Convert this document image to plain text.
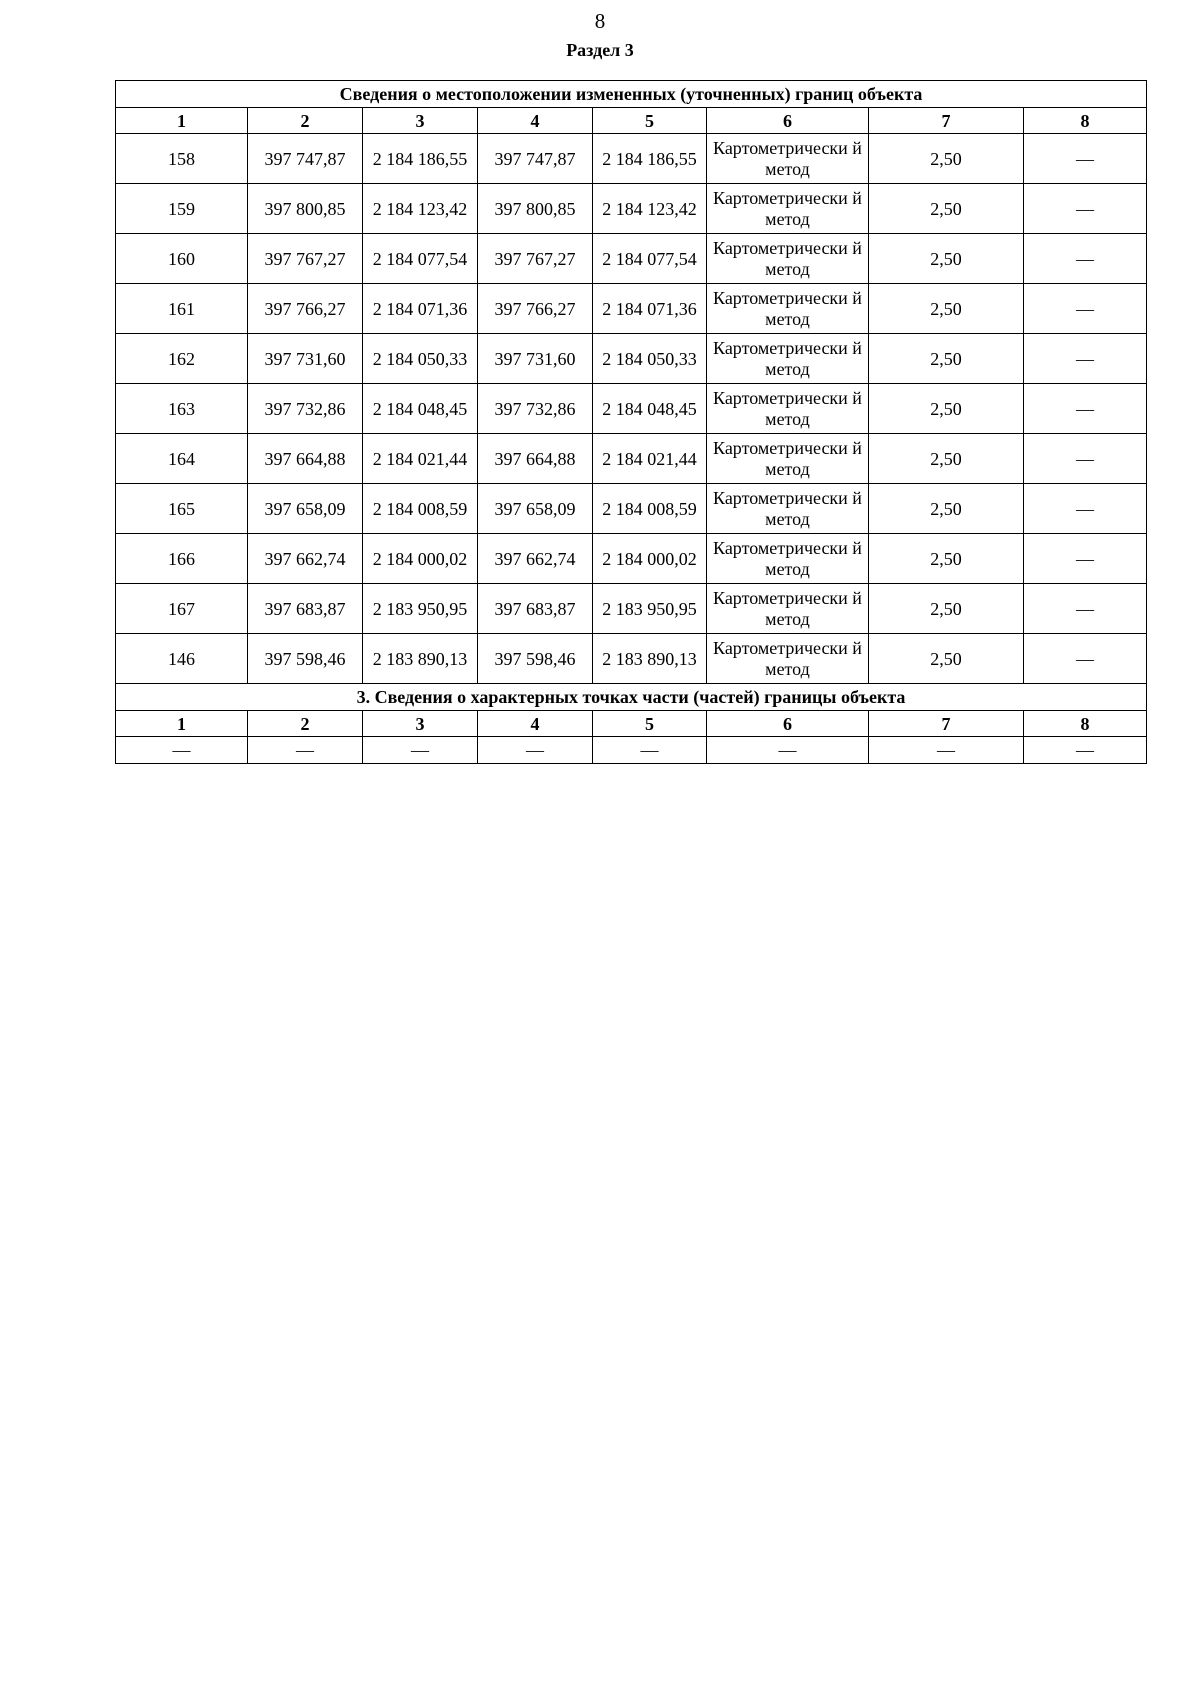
8
Раздел 3
Сведения о местоположении измененных (уточненных) границ объекта							
1	2	3	4	5	6	7	8
158	397 747,87	2 184 186,55	397 747,87	2 184 186,55	Картометрически й метод	2,50	—
159	397 800,85	2 184 123,42	397 800,85	2 184 123,42	Картометрически й метод	2,50	—
160	397 767,27	2 184 077,54	397 767,27	2 184 077,54	Картометрически й метод	2,50	—
161	397 766,27	2 184 071,36	397 766,27	2 184 071,36	Картометрически й метод	2,50	—
162	397 731,60	2 184 050,33	397 731,60	2 184 050,33	Картометрически й метод	2,50	—
163	397 732,86	2 184 048,45	397 732,86	2 184 048,45	Картометрически й метод	2,50	—
164	397 664,88	2 184 021,44	397 664,88	2 184 021,44	Картометрически й метод	2,50	—
165	397 658,09	2 184 008,59	397 658,09	2 184 008,59	Картометрически й метод	2,50	—
166	397 662,74	2 184 000,02	397 662,74	2 184 000,02	Картометрически й метод	2,50	—
167	397 683,87	2 183 950,95	397 683,87	2 183 950,95	Картометрически й метод	2,50	—
146	397 598,46	2 183 890,13	397 598,46	2 183 890,13	Картометрически й метод	2,50	—
3. Сведения о характерных точках части (частей) границы объекта							
1	2	3	4	5	6	7	8
—	—	—	—	—	—	—	—
